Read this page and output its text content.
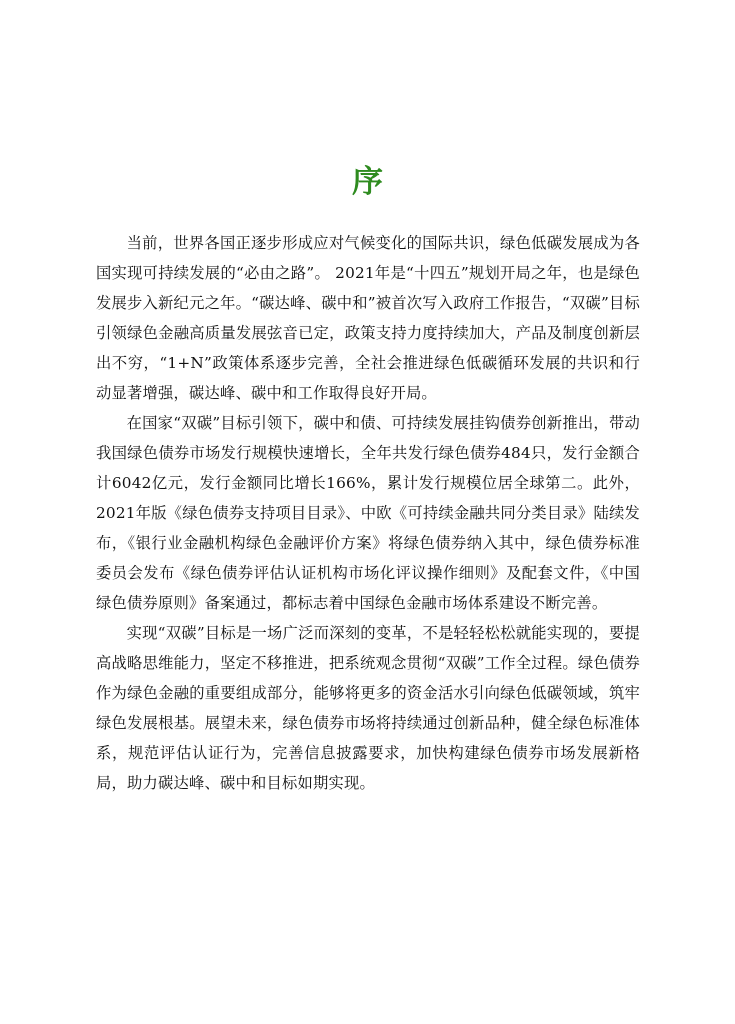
序

当前，世界各国正逐步形成应对气候变化的国际共识，绿色低碳发展成为各国实现可持续发展的“必由之路”。 2021年是“十四五”规划开局之年，也是绿色发展步入新纪元之年。“碳达峰、碳中和”被首次写入政府工作报告，“双碳”目标引领绿色金融高质量发展弦音已定，政策支持力度持续加大，产品及制度创新层出不穷，“1+N”政策体系逐步完善，全社会推进绿色低碳循环发展的共识和行动显著增强，碳达峰、碳中和工作取得良好开局。

在国家“双碳”目标引领下，碳中和债、可持续发展挂钩债券创新推出，带动我国绿色债券市场发行规模快速增长，全年共发行绿色债券484只，发行金额合计6042亿元，发行金额同比增长166%，累计发行规模位居全球第二。此外，2021年版《绿色债券支持项目目录》、中欧《可持续金融共同分类目录》陆续发布，《银行业金融机构绿色金融评价方案》将绿色债券纳入其中，绿色债券标准委员会发布《绿色债券评估认证机构市场化评议操作细则》及配套文件，《中国绿色债券原则》备案通过，都标志着中国绿色金融市场体系建设不断完善。

实现“双碳”目标是一场广泛而深刻的变革，不是轻轻松松就能实现的，要提高战略思维能力，坚定不移推进，把系统观念贯彻“双碳”工作全过程。绿色债券作为绿色金融的重要组成部分，能够将更多的资金活水引向绿色低碳领域，筑牢绿色发展根基。展望未来，绿色债券市场将持续通过创新品种，健全绿色标准体系，规范评估认证行为，完善信息披露要求，加快构建绿色债券市场发展新格局，助力碳达峰、碳中和目标如期实现。
